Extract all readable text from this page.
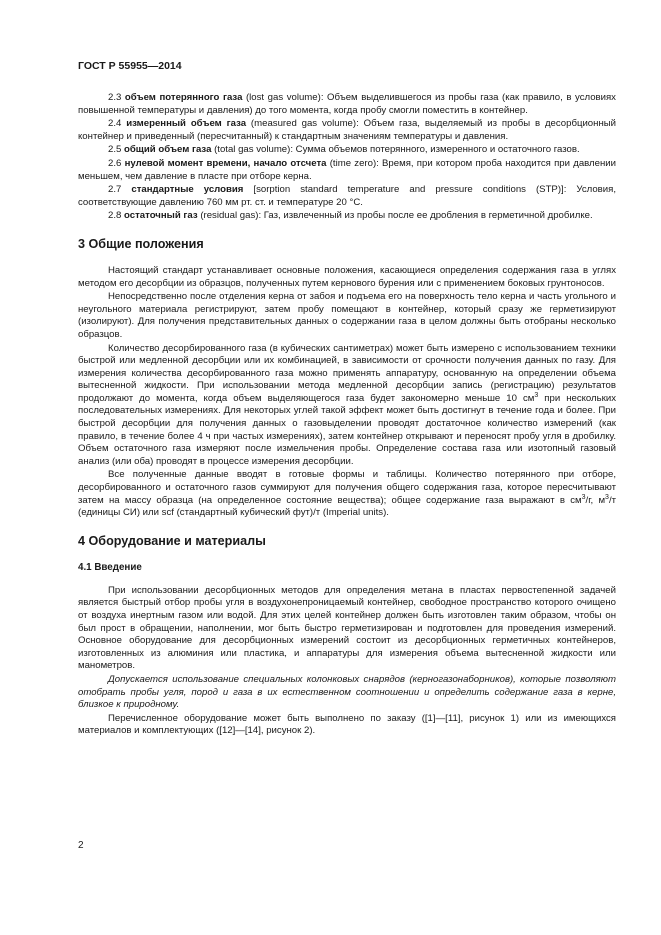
ГОСТ Р 55955—2014

2.3 объем потерянного газа (lost gas volume): Объем выделившегося из пробы газа (как правило, в условиях повышенной температуры и давления) до того момента, когда пробу смогли поместить в контейнер.

2.4 измеренный объем газа (measured gas volume): Объем газа, выделяемый из пробы в десорбционный контейнер и приведенный (пересчитанный) к стандартным значениям температуры и давления.

2.5 общий объем газа (total gas volume): Сумма объемов потерянного, измеренного и остаточного газов.

2.6 нулевой момент времени, начало отсчета (time zero): Время, при котором проба находится при давлении меньшем, чем давление в пласте при отборе керна.

2.7 стандартные условия [sorption standard temperature and pressure conditions (STP)]: Условия, соответствующие давлению 760 мм рт. ст. и температуре 20 °С.

2.8 остаточный газ (residual gas): Газ, извлеченный из пробы после ее дробления в герметичной дробилке.

3 Общие положения

Настоящий стандарт устанавливает основные положения, касающиеся определения содержания газа в углях методом его десорбции из образцов, полученных путем кернового бурения или с применением боковых грунтоносов.

Непосредственно после отделения керна от забоя и подъема его на поверхность тело керна и часть угольного и неугольного материала регистрируют, затем пробу помещают в контейнер, который сразу же герметизируют (изолируют). Для получения представительных данных о содержании газа в целом должны быть отобраны несколько образцов.

Количество десорбированного газа (в кубических сантиметрах) может быть измерено с использованием техники быстрой или медленной десорбции или их комбинацией, в зависимости от срочности получения данных по газу. Для измерения количества десорбированного газа можно применять аппаратуру, основанную на определении объема вытесненной жидкости. При использовании метода медленной десорбции запись (регистрацию) результатов продолжают до момента, когда объем выделяющегося газа будет закономерно меньше 10 $см^3$ при нескольких последовательных измерениях. Для некоторых углей такой эффект может быть достигнут в течение года и более. При быстрой десорбции для получения данных о газовыделении проводят достаточное количество измерений (как правило, в течение более 4 ч при частых измерениях), затем контейнер открывают и переносят пробу угля в дробилку. Объем остаточного газа измеряют после измельчения пробы. Определение состава газа или изотопный газовый анализ (или оба) проводят в процессе измерения десорбции.

Все полученные данные вводят в готовые формы и таблицы. Количество потерянного при отборе, десорбированного и остаточного газов суммируют для получения общего содержания газа, которое пересчитывают затем на массу образца (на определенное состояние вещества); общее содержание газа выражают в $см^3/г$, $м^3/т$ (единицы СИ) или scf (стандартный кубический фут)/т (Imperial units).

4 Оборудование и материалы
4.1 Введение

При использовании десорбционных методов для определения метана в пластах первостепенной задачей является быстрый отбор пробы угля в воздухонепроницаемый контейнер, свободное пространство которого очищено от воздуха инертным газом или водой. Для этих целей контейнер должен быть изготовлен таким образом, чтобы он был прост в обращении, наполнении, мог быть быстро герметизирован и подготовлен для проведения измерений. Основное оборудование для десорбционных измерений состоит из десорбционных герметичных контейнеров, изготовленных из алюминия или пластика, и аппаратуры для измерения объема вытесненной жидкости или манометров.

Допускается использование специальных колонковых снарядов (керногазонаборников), которые позволяют отобрать пробы угля, пород и газа в их естественном соотношении и определить содержание газа в керне, близкое к природному.

Перечисленное оборудование может быть выполнено по заказу ([1]—[11], рисунок 1) или из имеющихся материалов и комплектующих ([12]—[14], рисунок 2).

2
